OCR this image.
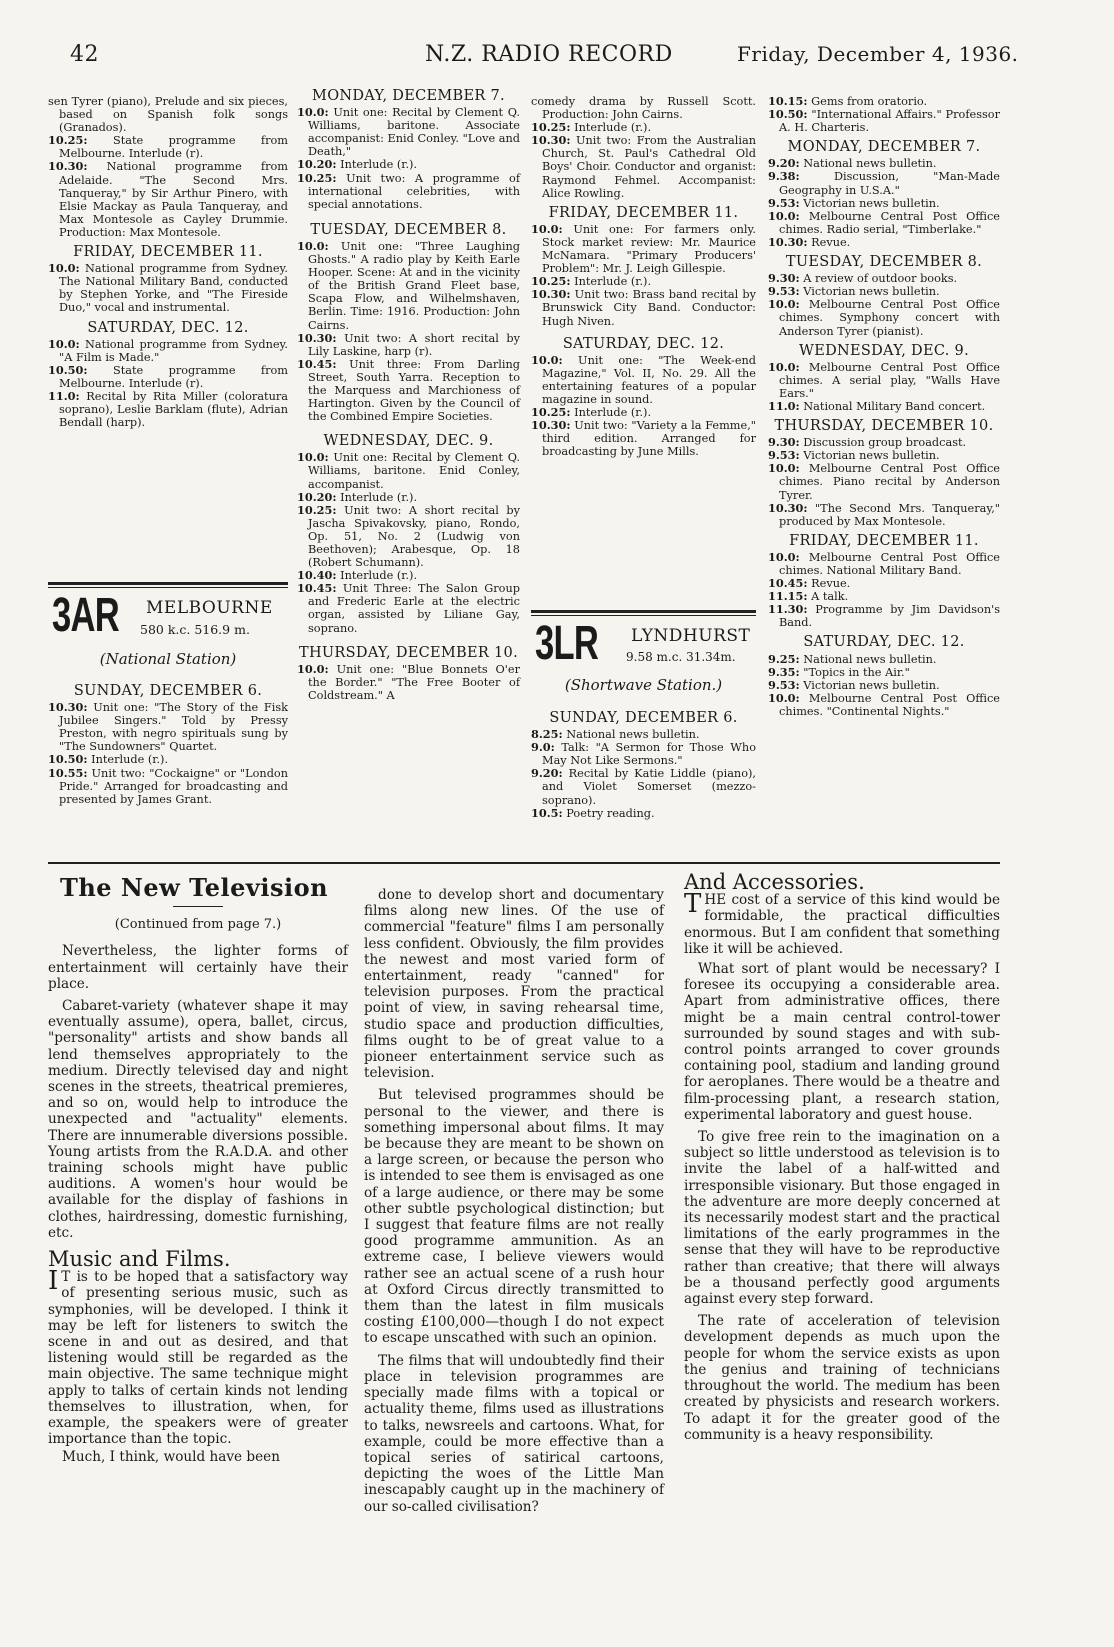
42	N.Z. RADIO RECORD	Friday, December 4, 1936.
sen Tyrer (piano), Prelude and six pieces, based on Spanish folk songs (Granados).
10.25: State programme from Melbourne. Interlude (r).
10.30: National programme from Adelaide. "The Second Mrs. Tanqueray," by Sir Arthur Pinero, with Elsie Mackay as Paula Tanqueray, and Max Montesole as Cayley Drummie. Production: Max Montesole.
FRIDAY, DECEMBER 11.
10.0: National programme from Sydney. The National Military Band, conducted by Stephen Yorke, and "The Fireside Duo," vocal and instrumental.
SATURDAY, DEC. 12.
10.0: National programme from Sydney. "A Film is Made."
10.50: State programme from Melbourne. Interlude (r).
11.0: Recital by Rita Miller (coloratura soprano), Leslie Barklam (flute), Adrian Bendall (harp).
3AR MELBOURNE
580 k.c. 516.9 m.
(National Station)
SUNDAY, DECEMBER 6.
10.30: Unit one: "The Story of the Fisk Jubilee Singers." Told by Pressy Preston, with negro spirituals sung by "The Sundowners" Quartet.
10.50: Interlude (r.).
10.55: Unit two: "Cockaigne" or "London Pride." Arranged for broadcasting and presented by James Grant.
MONDAY, DECEMBER 7.
10.0: Unit one: Recital by Clement Q. Williams, baritone. Associate accompanist: Enid Conley. "Love and Death,"
10.20: Interlude (r.).
10.25: Unit two: A programme of international celebrities, with special annotations.
TUESDAY, DECEMBER 8.
10.0: Unit one: "Three Laughing Ghosts." A radio play by Keith Earle Hooper. Scene: At and in the vicinity of the British Grand Fleet base, Scapa Flow, and Wilhelmshaven, Berlin. Time: 1916. Production: John Cairns.
10.30: Unit two: A short recital by Lily Laskine, harp (r).
10.45: Unit three: From Darling Street, South Yarra. Reception to the Marquess and Marchioness of Hartington. Given by the Council of the Combined Empire Societies.
WEDNESDAY, DEC. 9.
10.0: Unit one: Recital by Clement Q. Williams, baritone. Enid Conley, accompanist.
10.20: Interlude (r.).
10.25: Unit two: A short recital by Jascha Spivakovsky, piano, Rondo, Op. 51, No. 2 (Ludwig von Beethoven); Arabesque, Op. 18 (Robert Schumann).
10.40: Interlude (r.).
10.45: Unit Three: The Salon Group and Frederic Earle at the electric organ, assisted by Liliane Gay, soprano.
THURSDAY, DECEMBER 10.
10.0: Unit one: "Blue Bonnets O'er the Border." "The Free Booter of Coldstream." A
comedy drama by Russell Scott. Production: John Cairns.
10.25: Interlude (r.).
10.30: Unit two: From the Australian Church, St. Paul's Cathedral Old Boys' Choir. Conductor and organist: Raymond Fehmel. Accompanist: Alice Rowling.
FRIDAY, DECEMBER 11.
10.0: Unit one: For farmers only. Stock market review: Mr. Maurice McNamara. "Primary Producers' Problem": Mr. J. Leigh Gillespie.
10.25: Interlude (r.).
10.30: Unit two: Brass band recital by Brunswick City Band. Conductor: Hugh Niven.
SATURDAY, DEC. 12.
10.0: Unit one: "The Week-end Magazine," Vol. II, No. 29. All the entertaining features of a popular magazine in sound.
10.25: Interlude (r.).
10.30: Unit two: "Variety a la Femme," third edition. Arranged for broadcasting by June Mills.
3LR LYNDHURST
9.58 m.c. 31.34m.
(Shortwave Station.)
SUNDAY, DECEMBER 6.
8.25: National news bulletin.
9.0: Talk: "A Sermon for Those Who May Not Like Sermons."
9.20: Recital by Katie Liddle (piano), and Violet Somerset (mezzo-soprano).
10.5: Poetry reading.
10.15: Gems from oratorio.
10.50: "International Affairs." Professor A. H. Charteris.
MONDAY, DECEMBER 7.
9.20: National news bulletin.
9.38:	Discussion, "Man-Made Geography in U.S.A."
9.53: Victorian news bulletin.
10.0: Melbourne Central Post Office chimes. Radio serial, "Timberlake."
10.30: Revue.
TUESDAY, DECEMBER 8.
9.30: A review of outdoor books.
9.53: Victorian news bulletin.
10.0: Melbourne Central Post Office chimes. Symphony concert with Anderson Tyrer (pianist).
WEDNESDAY, DEC. 9.
10.0: Melbourne Central Post Office chimes. A serial play, "Walls Have Ears."
11.0: National Military Band concert.
THURSDAY, DECEMBER 10.
9.30: Discussion group broadcast.
9.53: Victorian news bulletin.
10.0: Melbourne Central Post Office chimes. Piano recital by Anderson Tyrer.
10.30: "The Second Mrs. Tanqueray," produced by Max Montesole.
FRIDAY, DECEMBER 11.
10.0: Melbourne Central Post Office chimes. National Military Band.
10.45: Revue.
11.15: A talk.
11.30: Programme by Jim Davidson's Band.
SATURDAY, DEC. 12.
9.25: National news bulletin.
9.35: "Topics in the Air."
9.53: Victorian news bulletin.
10.0: Melbourne Central Post Office chimes. "Continental Nights."
The New Television
(Continued from page 7.)

Nevertheless, the lighter forms of entertainment will certainly have their place.

Cabaret-variety (whatever shape it may eventually assume), opera, ballet, circus, "personality" artists and show bands all lend themselves appropriately to the medium. Directly televised day and night scenes in the streets, theatrical premieres, and so on, would help to introduce the unexpected and "actuality" elements. There are innumerable diversions possible. Young artists from the R.A.D.A. and other training schools might have public auditions. A women's hour would be available for the display of fashions in clothes, hairdressing, domestic furnishing, etc.

Music and Films.

I T is to be hoped that a satisfactory way of presenting serious music, such as symphonies, will be developed. I think it may be left for listeners to switch the scene in and out as desired, and that listening would still be regarded as the main objective. The same technique might apply to talks of certain kinds not lending themselves to illustration, when, for example, the speakers were of greater importance than the topic.

Much, I think, would have been

done to develop short and documentary films along new lines. Of the use of commercial "feature" films I am personally less confident. Obviously, the film provides the newest and most varied form of entertainment, ready "canned" for television purposes. From the practical point of view, in saving rehearsal time, studio space and production difficulties, films ought to be of great value to a pioneer entertainment service such as television.

But televised programmes should be personal to the viewer, and there is something impersonal about films. It may be because they are meant to be shown on a large screen, or because the person who is intended to see them is envisaged as one of a large audience, or there may be some other subtle psychological distinction; but I suggest that feature films are not really good programme ammunition. As an extreme case, I believe viewers would rather see an actual scene of a rush hour at Oxford Circus directly transmitted to them than the latest in film musicals costing £100,000—though I do not expect to escape unscathed with such an opinion.

The films that will undoubtedly find their place in television programmes are specially made films with a topical or actuality theme, films used as illustrations to talks, newsreels and cartoons. What, for example, could be more effective than a topical series of satirical cartoons, depicting the woes of the Little Man inescapably caught up in the machinery of our so-called civilisation?

And Accessories.

THE cost of a service of this kind would be formidable, the practical difficulties enormous. But I am confident that something like it will be achieved.

What sort of plant would be necessary? I foresee its occupying a considerable area. Apart from administrative offices, there might be a main central control-tower surrounded by sound stages and with sub-control points arranged to cover grounds containing pool, stadium and landing ground for aeroplanes. There would be a theatre and film-processing plant, a research station, experimental laboratory and guest house.

To give free rein to the imagination on a subject so little understood as television is to invite the label of a half-witted and irresponsible visionary. But those engaged in the adventure are more deeply concerned at its necessarily modest start and the practical limitations of the early programmes in the sense that they will have to be reproductive rather than creative; that there will always be a thousand perfectly good arguments against every step forward.

The rate of acceleration of television development depends as much upon the people for whom the service exists as upon the genius and training of technicians throughout the world. The medium has been created by physicists and research workers. To adapt it for the greater good of the community is a heavy responsibility.
